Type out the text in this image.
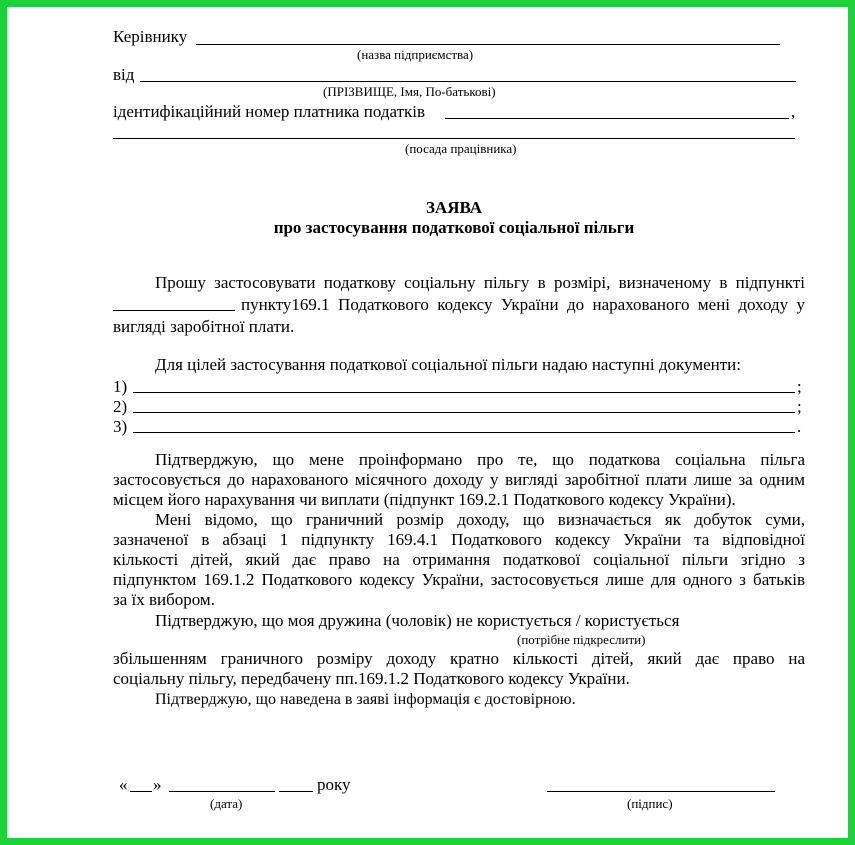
Керівнику
(назва підприємства)
від
(ПРІЗВИЩЕ, Імя, По-батькові)
ідентифікаційний номер платника податків	,
(посада працівника)
ЗАЯВА
про застосування податкової соціальної пільги
Прошу застосовувати податкову соціальну пільгу в розмірі, визначеному в підпункті
пункту169.1 Податкового кодексу України до нарахованого мені доходу у
вигляді заробітної плати.
Для цілей застосування податкової соціальної пільги надаю наступні документи:
1)	;
2)	;
3)	.
Підтверджую, що мене проінформано про те, що податкова соціальна пільга
застосовується до нарахованого місячного доходу у вигляді заробітної плати лише за одним
місцем його нарахування чи виплати (підпункт 169.2.1 Податкового кодексу України).
Мені відомо, що граничний розмір доходу, що визначається як добуток суми,
зазначеної в абзаці 1 підпункту 169.4.1 Податкового кодексу України та відповідної
кількості дітей, який дає право на отримання податкової соціальної пільги згідно з
підпунктом 169.1.2 Податкового кодексу України, застосовується лише для одного з батьків
за їх вибором.
Підтверджую, що моя дружина (чоловік) не користується / користується
(потрібне підкреслити)
збільшенням граничного розміру доходу кратно кількості дітей, який дає право на
соціальну пільгу, передбачену пп.169.1.2 Податкового кодексу України.
Підтверджую, що наведена в заяві інформація є достовірною.
« »	року
(дата)	(підпис)
